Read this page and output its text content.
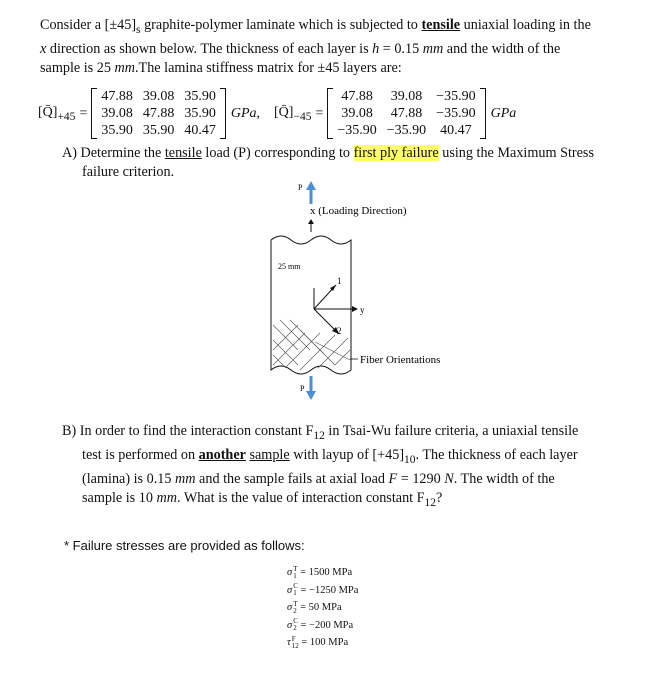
Consider a $[\pm 45]_s$ graphite-polymer laminate which is subjected to tensile uniaxial loading in the
x direction as shown below. The thickness of each layer is h = 0.15 mm and the width of the
sample is 25 mm.The lamina stiffness matrix for ±45 layers are:
$[Q̄]_{+45}$ =
47.88	39.08	35.90
39.08	47.88	35.90
35.90	35.90	40.47
GPa, $[Q̄]_{-45}$ =
47.88	39.08	−35.90
39.08	47.88	−35.90
−35.90	−35.90	40.47
GPa
A) Determine the tensile load (P) corresponding to first ply failure using the Maximum Stress
failure criterion.
P
x (Loading Direction)
25 mm
1
y
2
Fiber Orientations
P
B) In order to find the interaction constant $F_{12}$ in Tsai-Wu failure criteria, a uniaxial tensile
test is performed on another sample with layup of $[+45]_{10}$. The thickness of each layer
(lamina) is 0.15 mm and the sample fails at axial load F = 1290 N. The width of the
sample is 10 mm. What is the value of interaction constant $F_{12}$?
* Failure stresses are provided as follows:
σ T
1 = 1500 MPa
σ C
1 = −1250 MPa
σ T
2 = 50 MPa
σ C
2 = −200 MPa
τ F
12 = 100 MPa
